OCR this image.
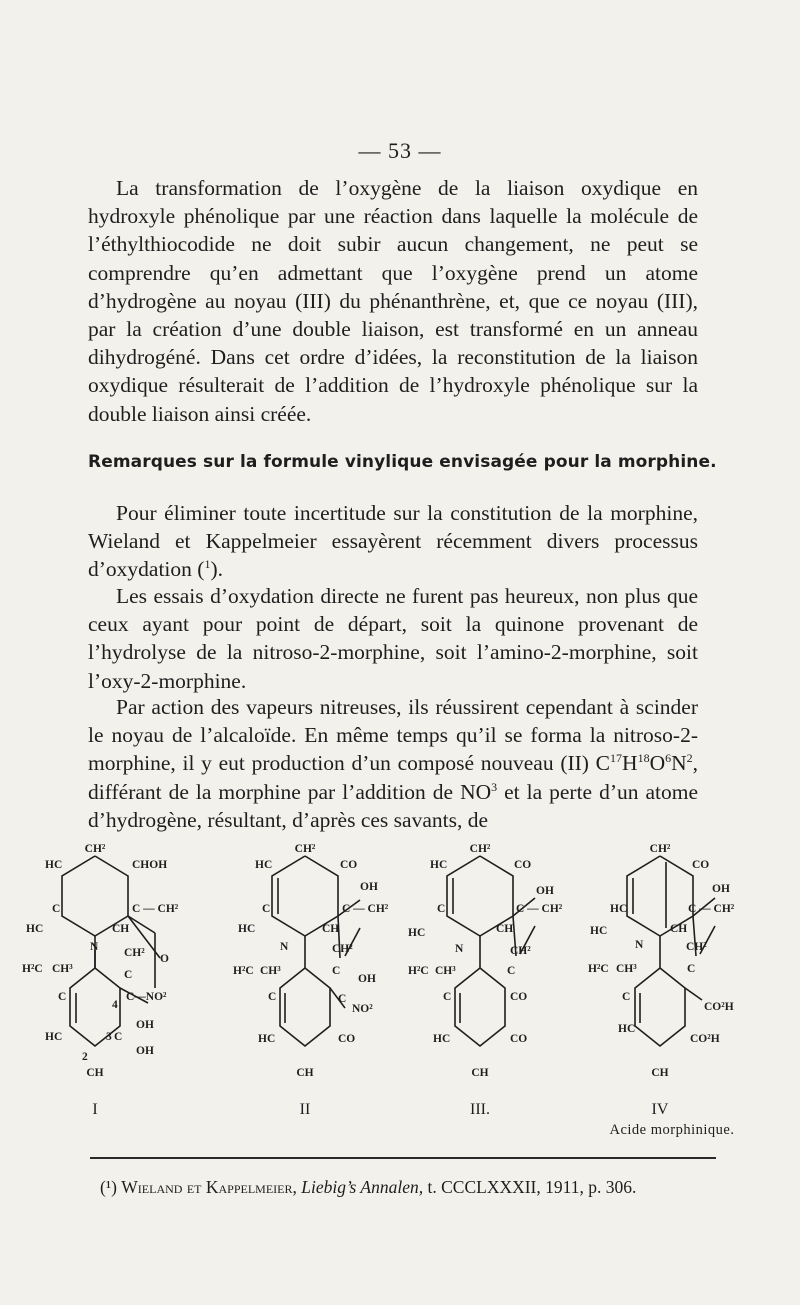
— 53 —

La transformation de l’oxygène de la liaison oxydique en hydroxyle phénolique par une réaction dans laquelle la molécule de l’éthylthiocodide ne doit subir aucun changement, ne peut se comprendre qu’en admettant que l’oxygène prend un atome d’hydrogène au noyau (III) du phénanthrène, et, que ce noyau (III), par la création d’une double liaison, est transformé en un anneau dihydrogéné. Dans cet ordre d’idées, la reconstitution de la liaison oxydique résulterait de l’addition de l’hydroxyle phénolique sur la double liaison ainsi créée.

Remarques sur la formule vinylique envisagée pour la morphine.

Pour éliminer toute incertitude sur la constitution de la morphine, Wieland et Kappelmeier essayèrent récemment divers processus d’oxydation ($^1$).

Les essais d’oxydation directe ne furent pas heureux, non plus que ceux ayant pour point de départ, soit la quinone provenant de l’hydrolyse de la nitroso-2-morphine, soit l’amino-2-morphine, soit l’oxy-2-morphine.

Par action des vapeurs nitreuses, ils réussirent cependant à scinder le noyau de l’alcaloïde. En même temps qu’il se forma la nitroso-2-morphine, il y eut production d’un composé nouveau (II) $C^{17}H^{18}O^6N^2$, différant de la morphine par l’addition de $NO^3$ et la perte d’un atome d’hydrogène, résultant, d’après ces savants, de

CH²
HC	CHOH
C	C — CH²
HC	CH
N CH² O
H²C CH³	C
C	C—NO²
4
HC	3 C
OH
2	OH
CH
I
CH²
HC	CO
OH
C	C — CH²
HC	CH
N	CH²
H²C CH³	C
OH
C	C
NO²
HC	CO
CH
II
CH²
HC	CO
OH
C	C — CH²
HC	CH
N	CH²
H²C CH³	C
C	CO
HC	CO
CH
III.
CH²
CO
OH
HC	C — CH²
HC	CH
N	CH²
H²C CH³	C
C
CO²H
HC
CO²H
CH
IV
Acide morphinique.

(¹) Wieland et Kappelmeier, Liebig’s Annalen, t. CCCLXXXII, 1911, p. 306.
